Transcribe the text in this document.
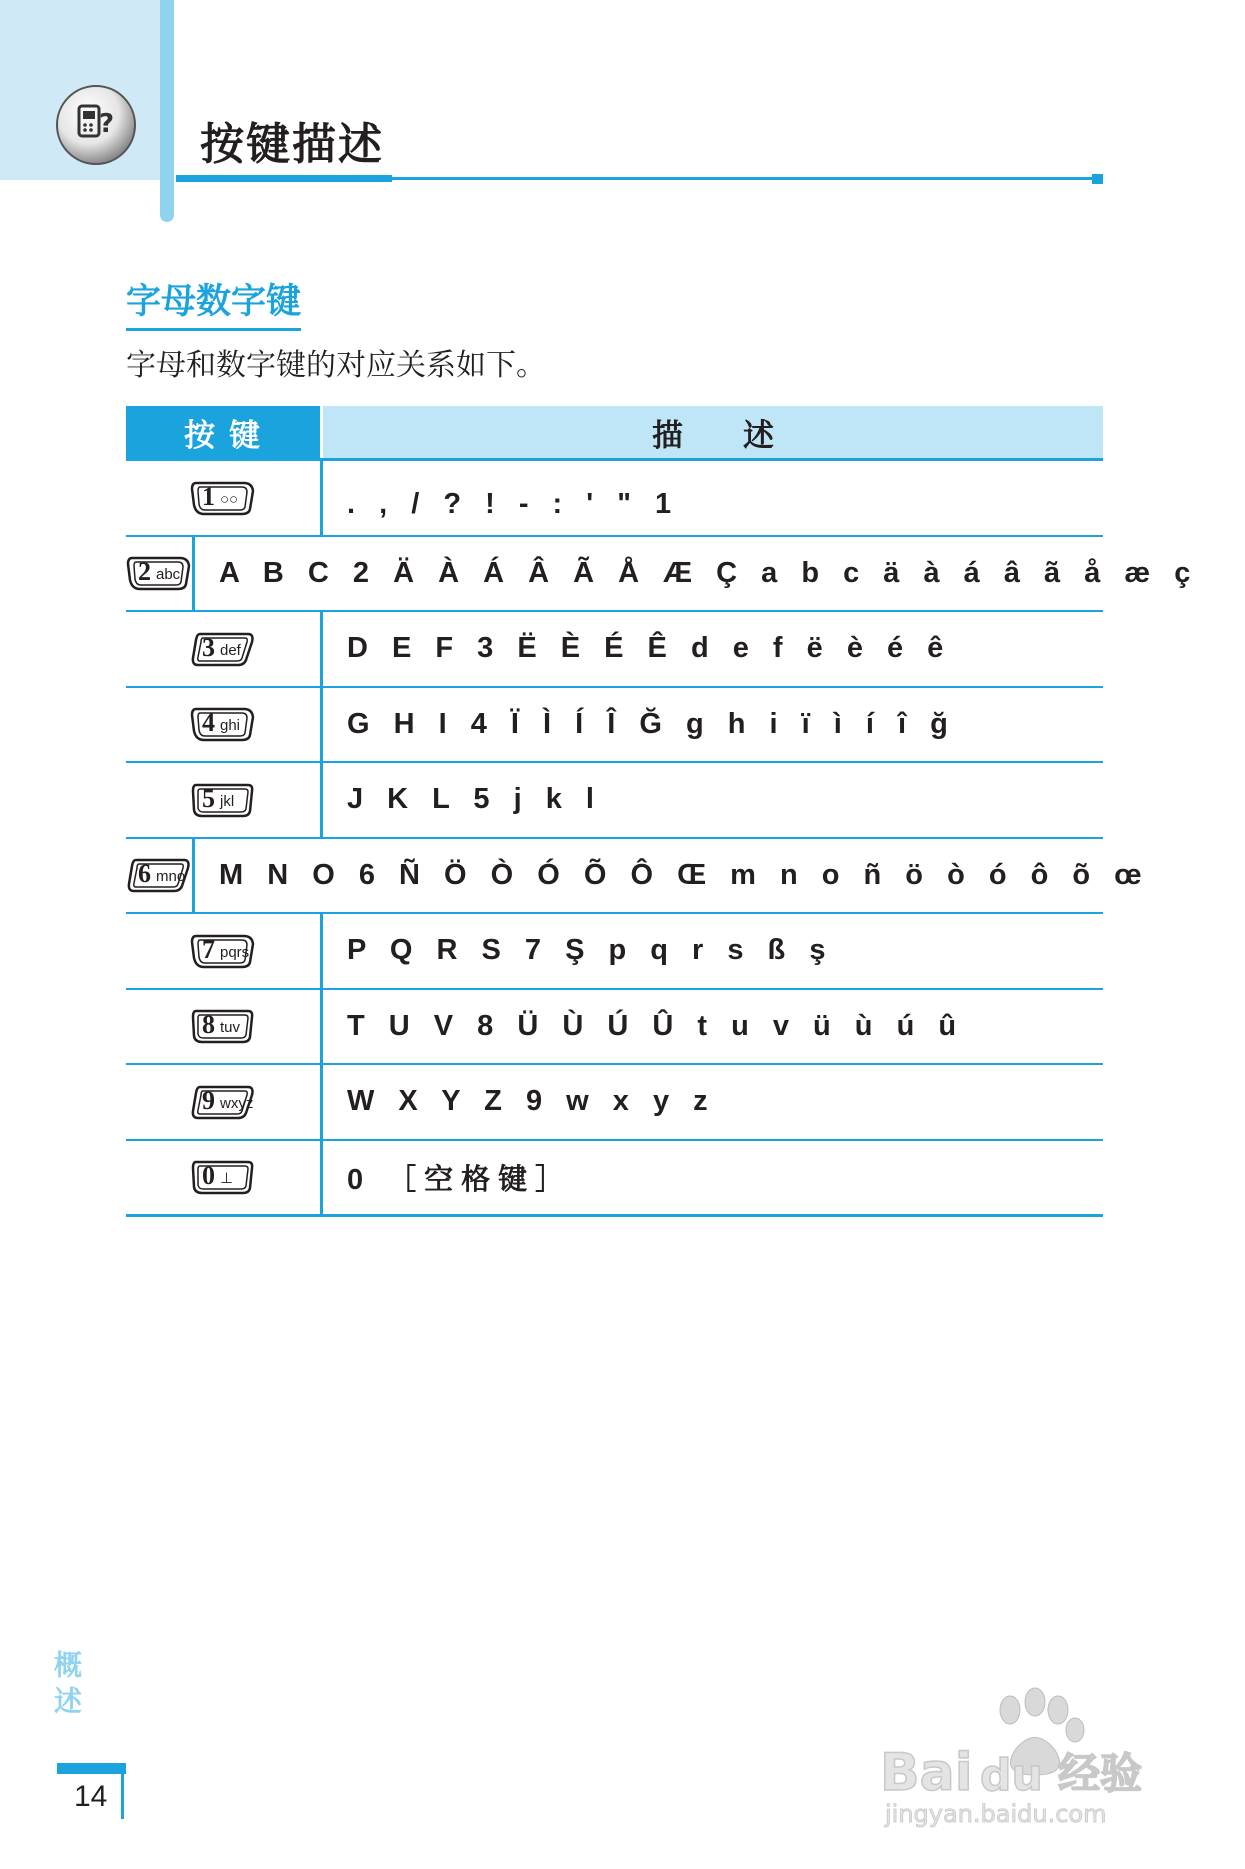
? 按键描述
字母数字键
字母和数字键的对应关系如下。
按键	描述
1 ○○	. , / ? ! - : ' " 1
2 abc	A B C 2 Ä À Á Â Ã Å Æ Ç a b c ä à á â ã å æ ç
3 def	D E F 3 Ë È É Ê d e f ë è é ê
4 ghi	G H I 4 Ï Ì Í Î Ğ g h i ï ì í î ğ
5 jkl	J K L 5 j k l
6 mno	M N O 6 Ñ Ö Ò Ó Õ Ô Œ m n o ñ ö ò ó ô õ œ
7 pqrs	P Q R S 7 Ş p q r s ß ş
8 tuv	T U V 8 Ü Ù Ú Û t u v ü ù ú û
9 wxyz	W X Y Z 9 w x y z
0 ⊥	0 ［空格键］
概述
14	Bai du 经验
jingyan.baidu.com
